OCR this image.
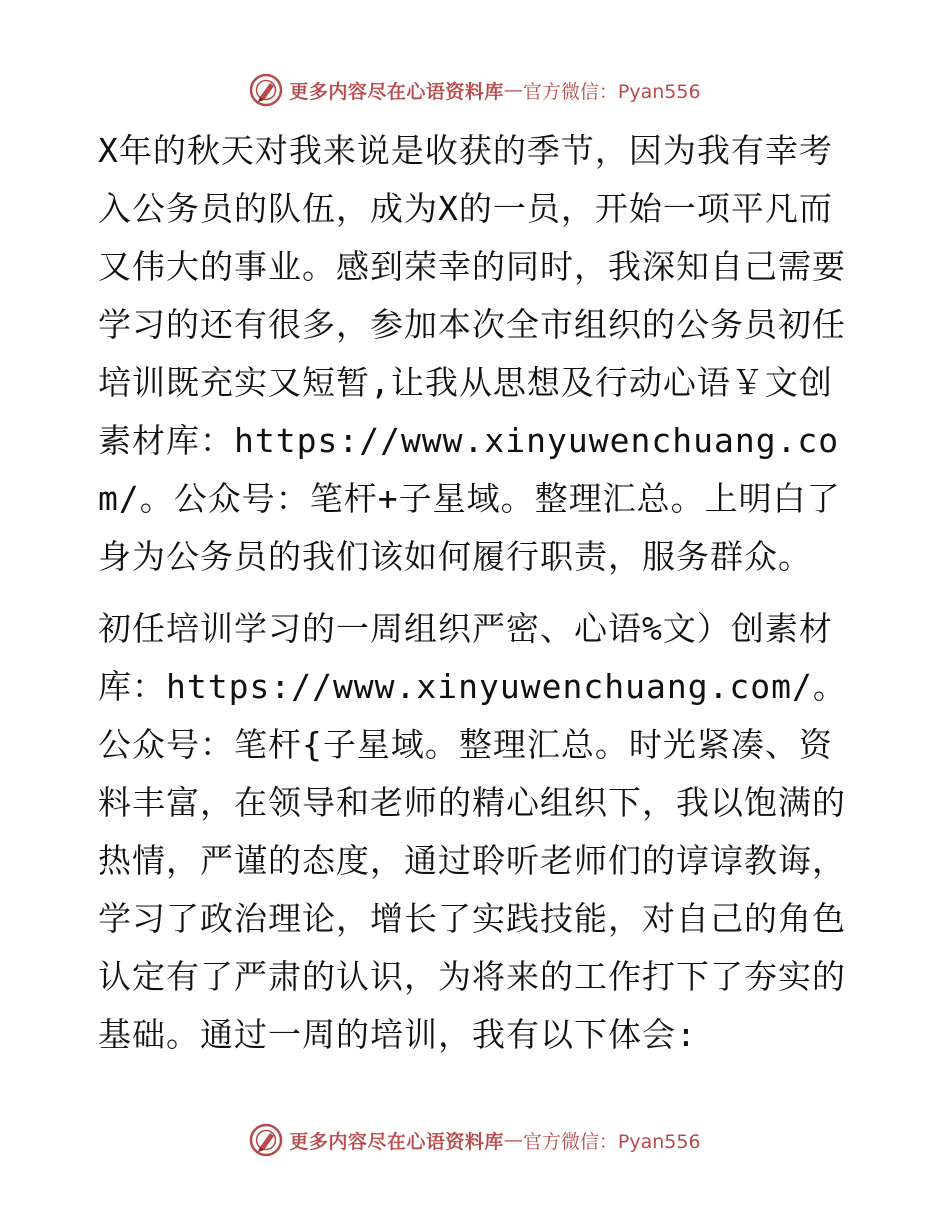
更多内容尽在心语资料库 — 官方微信：Pyan556

X年的秋天对我来说是收获的季节，因为我有幸考入公务员的队伍，成为X的一员，开始一项平凡而又伟大的事业。感到荣幸的同时，我深知自己需要学习的还有很多，参加本次全市组织的公务员初任培训既充实又短暂,让我从思想及行动心语￥文创素材库：https://www.xinyuwenchuang.com/。公众号：笔杆+子星域。整理汇总。上明白了身为公务员的我们该如何履行职责，服务群众。

初任培训学习的一周组织严密、心语%文）创素材库：https://www.xinyuwenchuang.com/。公众号：笔杆{子星域。整理汇总。时光紧凑、资料丰富，在领导和老师的精心组织下，我以饱满的热情，严谨的态度，通过聆听老师们的谆谆教诲，学习了政治理论，增长了实践技能，对自己的角色认定有了严肃的认识，为将来的工作打下了夯实的基础。通过一周的培训，我有以下体会:

更多内容尽在心语资料库 — 官方微信：Pyan556
